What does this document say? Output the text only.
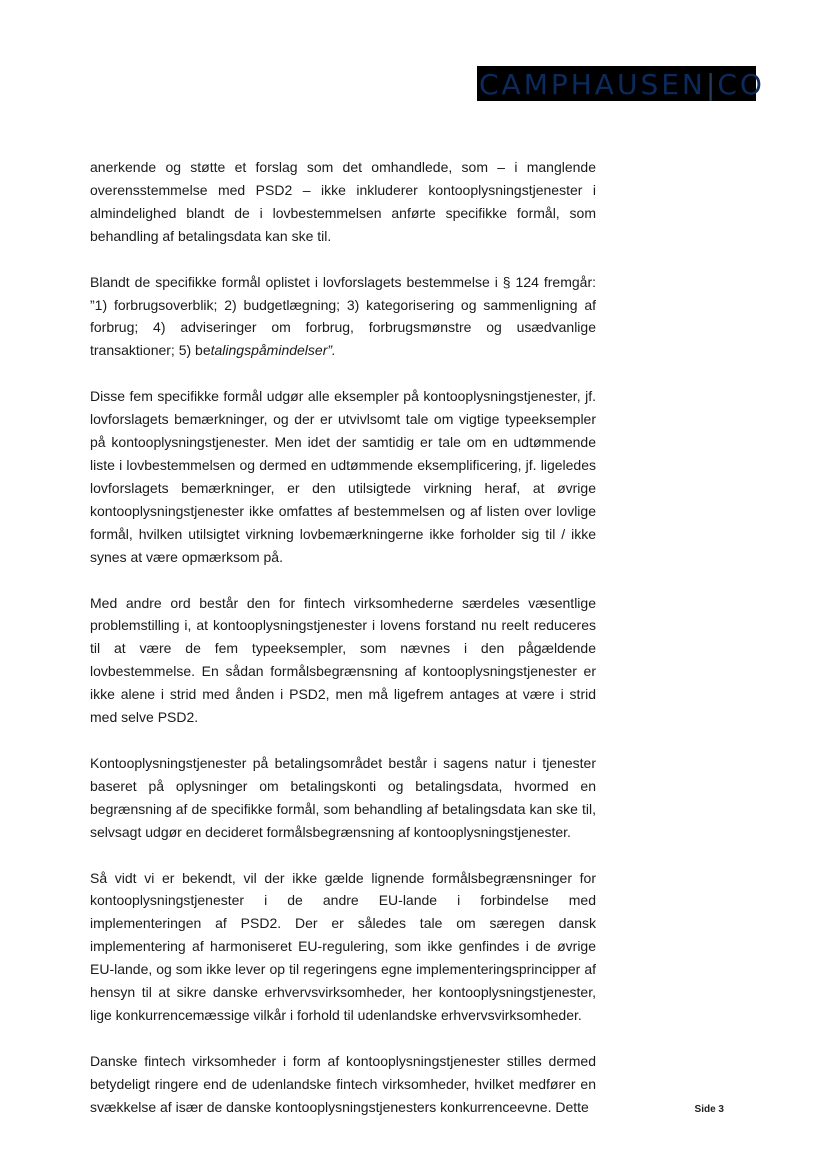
CAMPHAUSEN|CO

anerkende og støtte et forslag som det omhandlede, som – i manglende overensstemmelse med PSD2 – ikke inkluderer kontooplysningstjenester i almindelighed blandt de i lovbestemmelsen anførte specifikke formål, som behandling af betalingsdata kan ske til.

Blandt de specifikke formål oplistet i lovforslagets bestemmelse i § 124 fremgår: ”1) forbrugsoverblik; 2) budgetlægning; 3) kategorisering og sammenligning af forbrug; 4) adviseringer om forbrug, forbrugsmønstre og usædvanlige transaktioner; 5) betalingspåmindelser”.

Disse fem specifikke formål udgør alle eksempler på kontooplysningstjenester, jf. lovforslagets bemærkninger, og der er utvivlsomt tale om vigtige typeeksempler på kontooplysningstjenester. Men idet der samtidig er tale om en udtømmende liste i lovbestemmelsen og dermed en udtømmende eksemplificering, jf. ligeledes lovforslagets bemærkninger, er den utilsigtede virkning heraf, at øvrige kontooplysningstjenester ikke omfattes af bestemmelsen og af listen over lovlige formål, hvilken utilsigtet virkning lovbemærkningerne ikke forholder sig til / ikke synes at være opmærksom på.

Med andre ord består den for fintech virksomhederne særdeles væsentlige problemstilling i, at kontooplysningstjenester i lovens forstand nu reelt reduceres til at være de fem typeeksempler, som nævnes i den pågældende lovbestemmelse. En sådan formålsbegrænsning af kontooplysningstjenester er ikke alene i strid med ånden i PSD2, men må ligefrem antages at være i strid med selve PSD2.

Kontooplysningstjenester på betalingsområdet består i sagens natur i tjenester baseret på oplysninger om betalingskonti og betalingsdata, hvormed en begrænsning af de specifikke formål, som behandling af betalingsdata kan ske til, selvsagt udgør en decideret formålsbegrænsning af kontooplysningstjenester.

Så vidt vi er bekendt, vil der ikke gælde lignende formålsbegrænsninger for kontooplysningstjenester i de andre EU-lande i forbindelse med implementeringen af PSD2. Der er således tale om særegen dansk implementering af harmoniseret EU-regulering, som ikke genfindes i de øvrige EU-lande, og som ikke lever op til regeringens egne implementeringsprincipper af hensyn til at sikre danske erhvervsvirksomheder, her kontooplysningstjenester, lige konkurrencemæssige vilkår i forhold til udenlandske erhvervsvirksomheder.

Danske fintech virksomheder i form af kontooplysningstjenester stilles dermed betydeligt ringere end de udenlandske fintech virksomheder, hvilket medfører en svækkelse af især de danske kontooplysningstjenesters konkurrenceevne. Dette	Side 3
